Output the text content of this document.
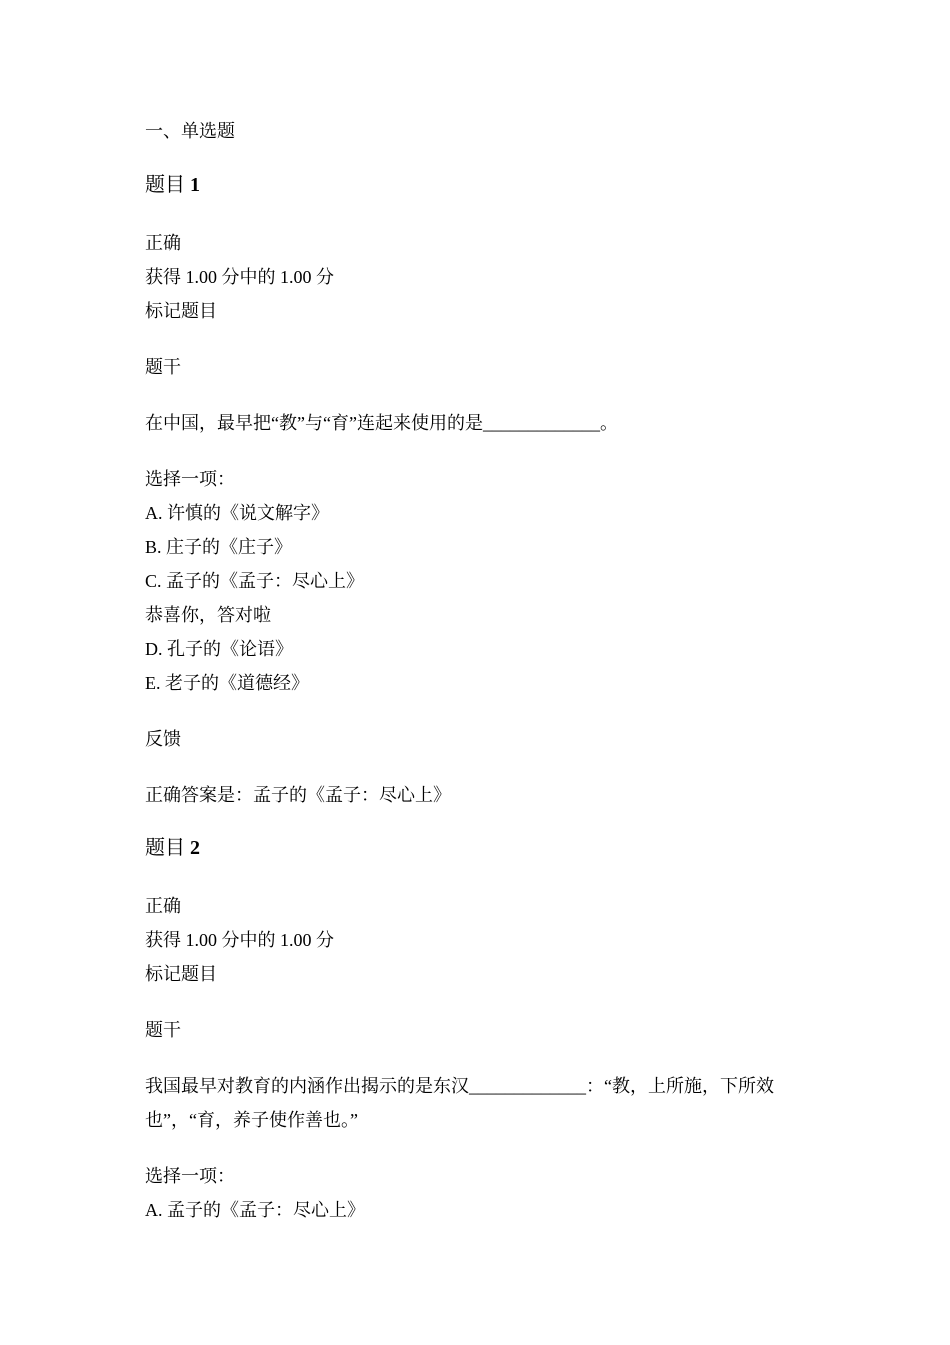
一、单选题
题目 1
正确
获得 1.00 分中的 1.00 分
标记题目
题干
在中国，最早把“教”与“育”连起来使用的是_____________。
选择一项：
A. 许慎的《说文解字》
B. 庄子的《庄子》
C. 孟子的《孟子：尽心上》
恭喜你，答对啦
D. 孔子的《论语》
E. 老子的《道德经》
反馈
正确答案是：孟子的《孟子：尽心上》
题目 2
正确
获得 1.00 分中的 1.00 分
标记题目
题干
我国最早对教育的内涵作出揭示的是东汉_____________：“教，上所施，下所效也”，“育，养子使作善也。”
选择一项：
A. 孟子的《孟子：尽心上》
